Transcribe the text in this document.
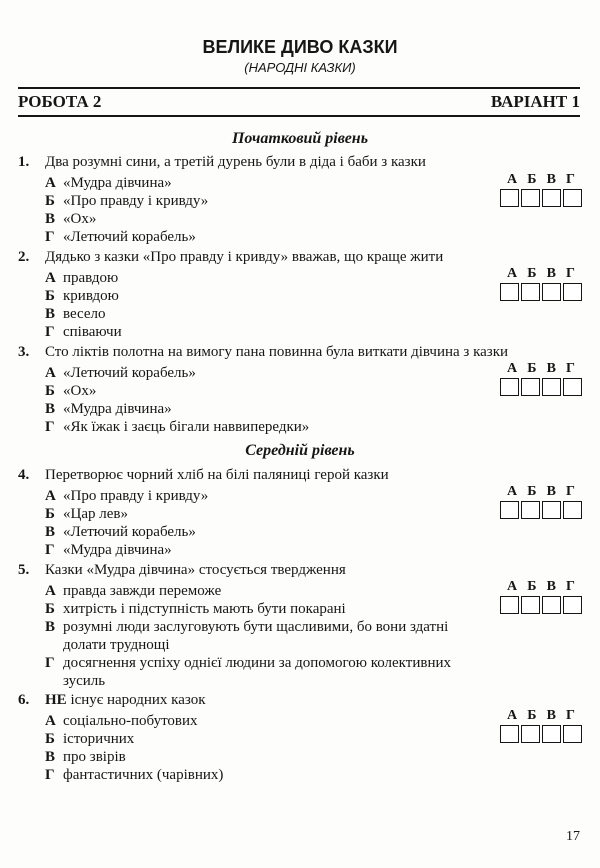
ВЕЛИКЕ ДИВО КАЗКИ
(НАРОДНІ КАЗКИ)
РОБОТА 2	ВАРІАНТ 1
Початковий рівень
1. Два розумні сини, а третій дурень були в діда і баби з казки
А «Мудра дівчина»
Б «Про правду і кривду»
В «Ох»
Г «Летючий корабель»
А Б В Г
2. Дядько з казки «Про правду і кривду» вважав, що краще жити
А правдою
Б кривдою
В весело
Г співаючи
А Б В Г
3. Сто ліктів полотна на вимогу пана повинна була виткати дівчина з казки
А «Летючий корабель»
Б «Ох»
В «Мудра дівчина»
Г «Як їжак і заєць бігали наввипередки»
А Б В Г
Середній рівень
4. Перетворює чорний хліб на білі паляниці герой казки
А «Про правду і кривду»
Б «Цар лев»
В «Летючий корабель»
Г «Мудра дівчина»
А Б В Г
5. Казки «Мудра дівчина» стосується твердження
А правда завжди переможе
Б хитрість і підступність мають бути покарані
В розумні люди заслуговують бути щасливими, бо вони здатні долати труднощі
Г досягнення успіху однієї людини за допомогою колективних зусиль
А Б В Г
6. НЕ існує народних казок
А соціально-побутових
Б історичних
В про звірів
Г фантастичних (чарівних)
А Б В Г
17
